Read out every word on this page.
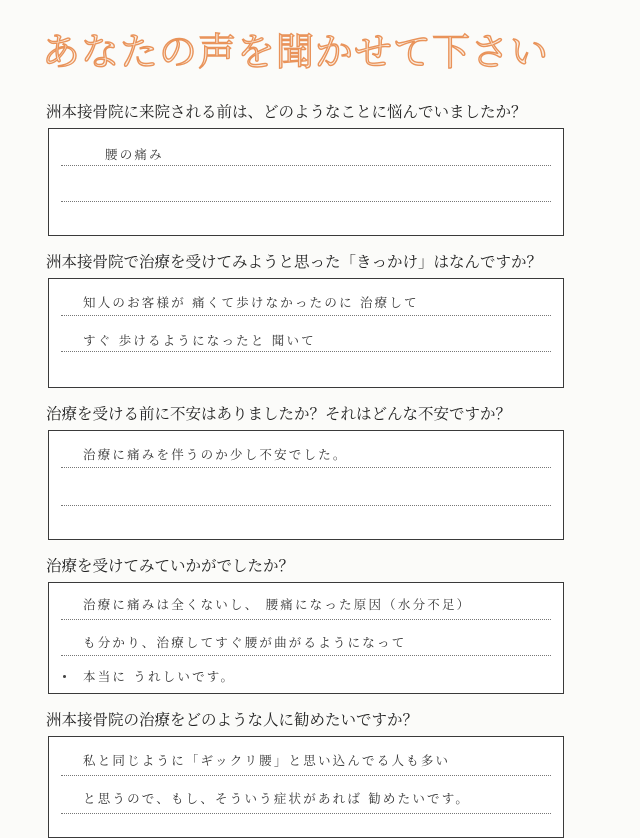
あなたの声を聞かせて下さい
洲本接骨院に来院される前は、どのようなことに悩んでいましたか？
腰の痛み
洲本接骨院で治療を受けてみようと思った「きっかけ」はなんですか？
知人のお客様が 痛くて歩けなかったのに 治療して
すぐ 歩けるようになったと 聞いて
治療を受ける前に不安はありましたか？それはどんな不安ですか？
治療に痛みを伴うのか少し不安でした。
治療を受けてみていかがでしたか？
治療に痛みは全くないし、 腰痛になった原因（水分不足）
も分かり、治療してすぐ腰が曲がるようになって
本当に うれしいです。
洲本接骨院の治療をどのような人に勧めたいですか？
私と同じように「ギックリ腰」と思い込んでる人も多い
と思うので、もし、そういう症状があれば 勧めたいです。
